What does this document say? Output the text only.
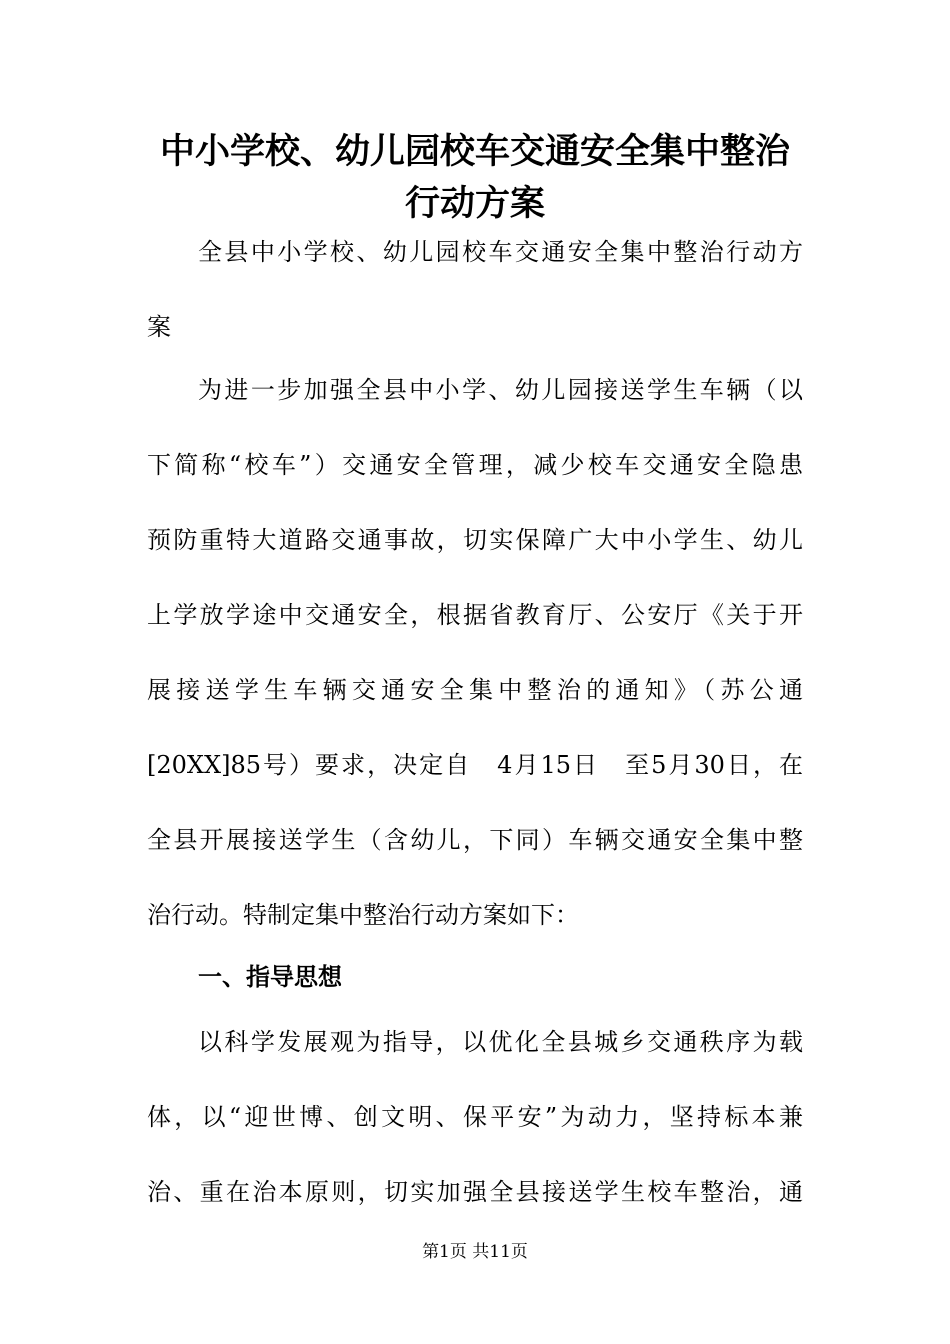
中小学校、幼儿园校车交通安全集中整治
行动方案

全县中小学校、幼儿园校车交通安全集中整治行动方

案

为进一步加强全县中小学、幼儿园接送学生车辆（以

下简称“校车”）交通安全管理，减少校车交通安全隐患

预防重特大道路交通事故，切实保障广大中小学生、幼儿

上学放学途中交通安全，根据省教育厅、公安厅《关于开

展接送学生车辆交通安全集中整治的通知》（苏公通

[20XX]85号）要求，决定自　4月15日　至5月30日，在

全县开展接送学生（含幼儿，下同）车辆交通安全集中整

治行动。特制定集中整治行动方案如下：

一、指导思想

以科学发展观为指导，以优化全县城乡交通秩序为载

体，以“迎世博、创文明、保平安”为动力，坚持标本兼

治、重在治本原则，切实加强全县接送学生校车整治，通

第1页 共11页
